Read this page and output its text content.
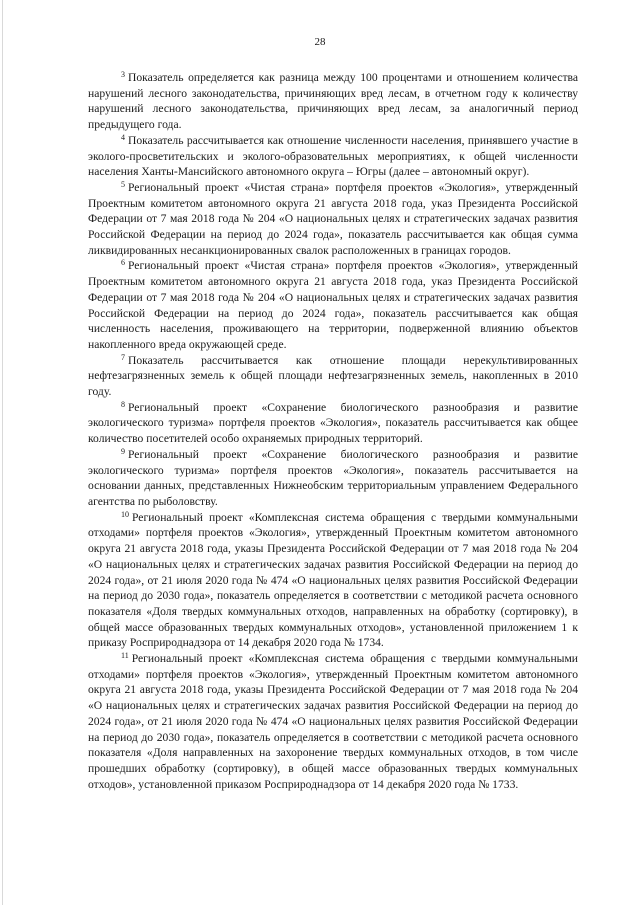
28

$^3$ Показатель определяется как разница между 100 процентами и отношением количества нарушений лесного законодательства, причиняющих вред лесам, в отчетном году к количеству нарушений лесного законодательства, причиняющих вред лесам, за аналогичный период предыдущего года.

$^4$ Показатель рассчитывается как отношение численности населения, принявшего участие в эколого-просветительских и эколого-образовательных мероприятиях, к общей численности населения Ханты-Мансийского автономного округа – Югры (далее – автономный округ).

$^5$ Региональный проект «Чистая страна» портфеля проектов «Экология», утвержденный Проектным комитетом автономного округа 21 августа 2018 года, указ Президента Российской Федерации от 7 мая 2018 года № 204 «О национальных целях и стратегических задачах развития Российской Федерации на период до 2024 года», показатель рассчитывается как общая сумма ликвидированных несанкционированных свалок расположенных в границах городов.

$^6$ Региональный проект «Чистая страна» портфеля проектов «Экология», утвержденный Проектным комитетом автономного округа 21 августа 2018 года, указ Президента Российской Федерации от 7 мая 2018 года № 204 «О национальных целях и стратегических задачах развития Российской Федерации на период до 2024 года», показатель рассчитывается как общая численность населения, проживающего на территории, подверженной влиянию объектов накопленного вреда окружающей среде.

$^7$ Показатель рассчитывается как отношение площади нерекультивированных нефтезагрязненных земель к общей площади нефтезагрязненных земель, накопленных в 2010 году.

$^8$ Региональный проект «Сохранение биологического разнообразия и развитие экологического туризма» портфеля проектов «Экология», показатель рассчитывается как общее количество посетителей особо охраняемых природных территорий.

$^9$ Региональный проект «Сохранение биологического разнообразия и развитие экологического туризма» портфеля проектов «Экология», показатель рассчитывается на основании данных, представленных Нижнеобским территориальным управлением Федерального агентства по рыболовству.

$^{10}$ Региональный проект «Комплексная система обращения с твердыми коммунальными отходами» портфеля проектов «Экология», утвержденный Проектным комитетом автономного округа 21 августа 2018 года, указы Президента Российской Федерации от 7 мая 2018 года № 204 «О национальных целях и стратегических задачах развития Российской Федерации на период до 2024 года», от 21 июля 2020 года № 474 «О национальных целях развития Российской Федерации на период до 2030 года», показатель определяется в соответствии с методикой расчета основного показателя «Доля твердых коммунальных отходов, направленных на обработку (сортировку), в общей массе образованных твердых коммунальных отходов», установленной приложением 1 к приказу Росприроднадзора от 14 декабря 2020 года № 1734.

$^{11}$ Региональный проект «Комплексная система обращения с твердыми коммунальными отходами» портфеля проектов «Экология», утвержденный Проектным комитетом автономного округа 21 августа 2018 года, указы Президента Российской Федерации от 7 мая 2018 года № 204 «О национальных целях и стратегических задачах развития Российской Федерации на период до 2024 года», от 21 июля 2020 года № 474 «О национальных целях развития Российской Федерации на период до 2030 года», показатель определяется в соответствии с методикой расчета основного показателя «Доля направленных на захоронение твердых коммунальных отходов, в том числе прошедших обработку (сортировку), в общей массе образованных твердых коммунальных отходов», установленной приказом Росприроднадзора от 14 декабря 2020 года № 1733.
